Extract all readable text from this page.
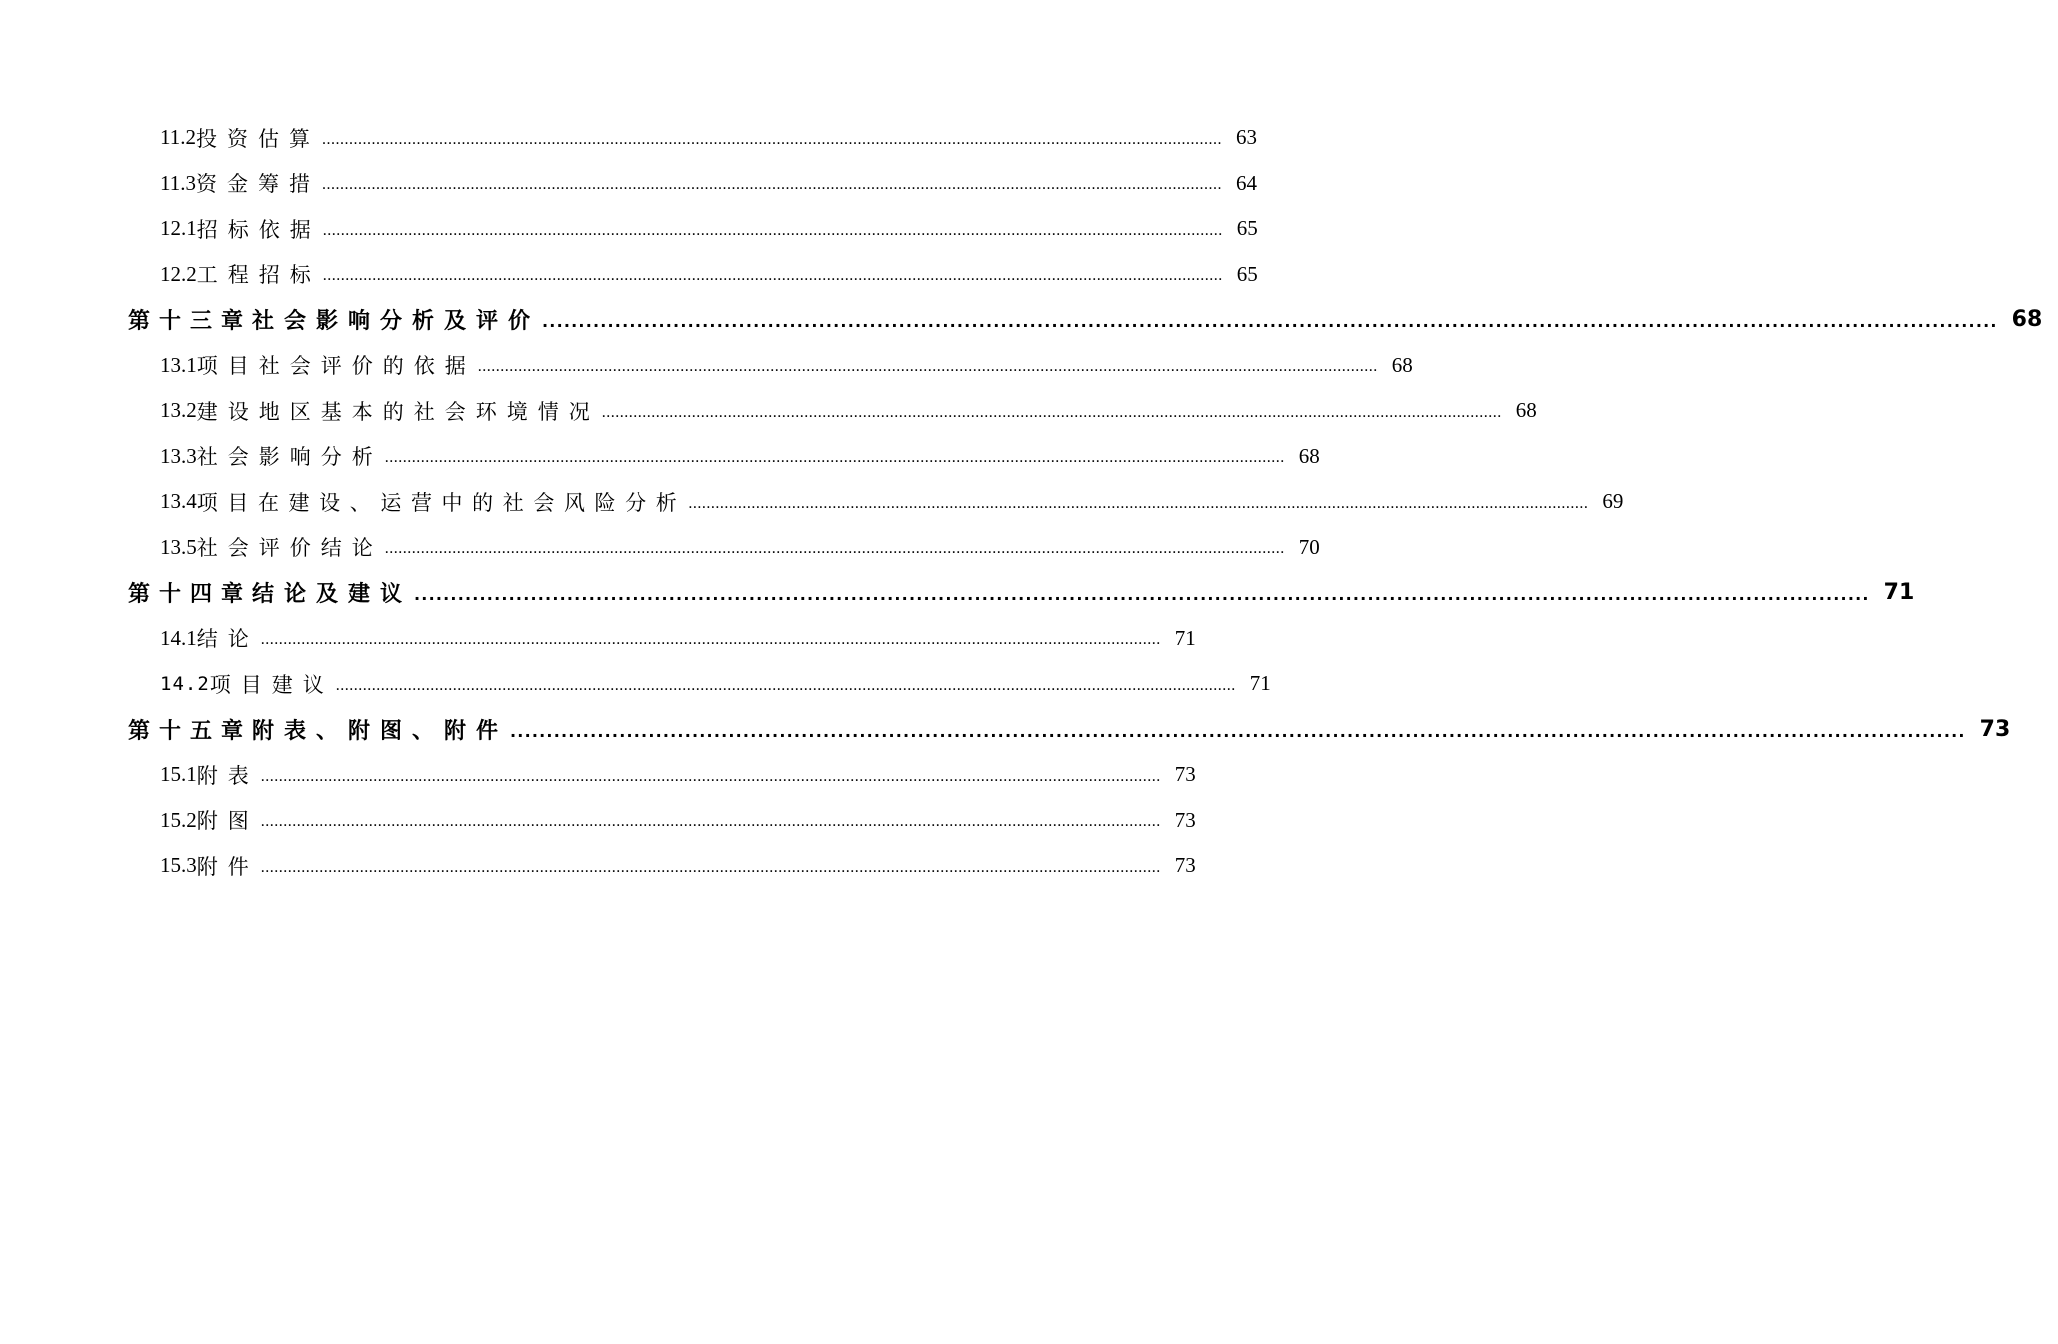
11.2 投资估算 ........................................................................................................................................................................................................ 63
11.3 资金筹措 ........................................................................................................................................................................................................ 64
12.1 招标依据 ........................................................................................................................................................................................................ 65
12.2 工程招标 ........................................................................................................................................................................................................ 65
第十三章 社会影响分析及评价 ........................................................................................................................................................................................................ 68
13.1 项目社会评价的依据 ........................................................................................................................................................................................................ 68
13.2 建设地区基本的社会环境情况 ........................................................................................................................................................................................................ 68
13.3 社会影响分析 ........................................................................................................................................................................................................ 68
13.4 项目在建设、运营中的社会风险分析 ........................................................................................................................................................................................................ 69
13.5 社会评价结论 ........................................................................................................................................................................................................ 70
第十四章 结论及建议 ........................................................................................................................................................................................................ 71
14.1 结论 ........................................................................................................................................................................................................ 71
14.2 项目建议 ........................................................................................................................................................................................................ 71
第十五章 附表、附图、附件 ........................................................................................................................................................................................................ 73
15.1 附表 ........................................................................................................................................................................................................ 73
15.2 附图 ........................................................................................................................................................................................................ 73
15.3 附件 ........................................................................................................................................................................................................ 73
